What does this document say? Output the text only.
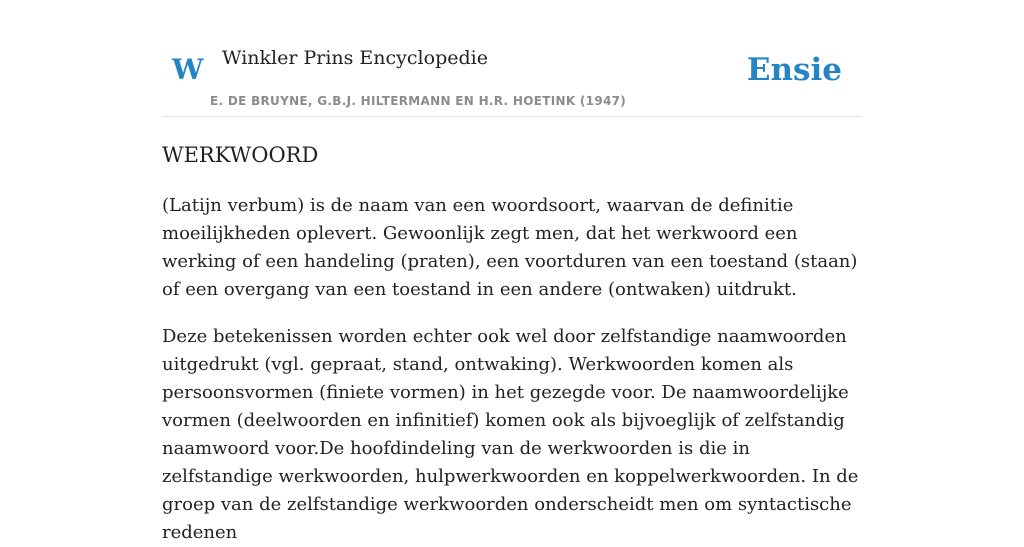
W Winkler Prins Encyclopedie
E. DE BRUYNE, G.B.J. HILTERMANN EN H.R. HOETINK (1947)
Ensie
WERKWOORD

(Latijn verbum) is de naam van een woordsoort, waarvan de definitie moeilijkheden oplevert. Gewoonlijk zegt men, dat het werkwoord een werking of een handeling (praten), een voortduren van een toestand (staan) of een overgang van een toestand in een andere (ontwaken) uitdrukt.

Deze betekenissen worden echter ook wel door zelfstandige naamwoorden uitgedrukt (vgl. gepraat, stand, ontwaking). Werkwoorden komen als persoonsvormen (finiete vormen) in het gezegde voor. De naamwoordelijke vormen (deelwoorden en infinitief) komen ook als bijvoeglijk of zelfstandig naamwoord voor.De hoofdindeling van de werkwoorden is die in zelfstandige werkwoorden, hulpwerkwoorden en koppelwerkwoorden. In de groep van de zelfstandige werkwoorden onderscheidt men om syntactische redenen
